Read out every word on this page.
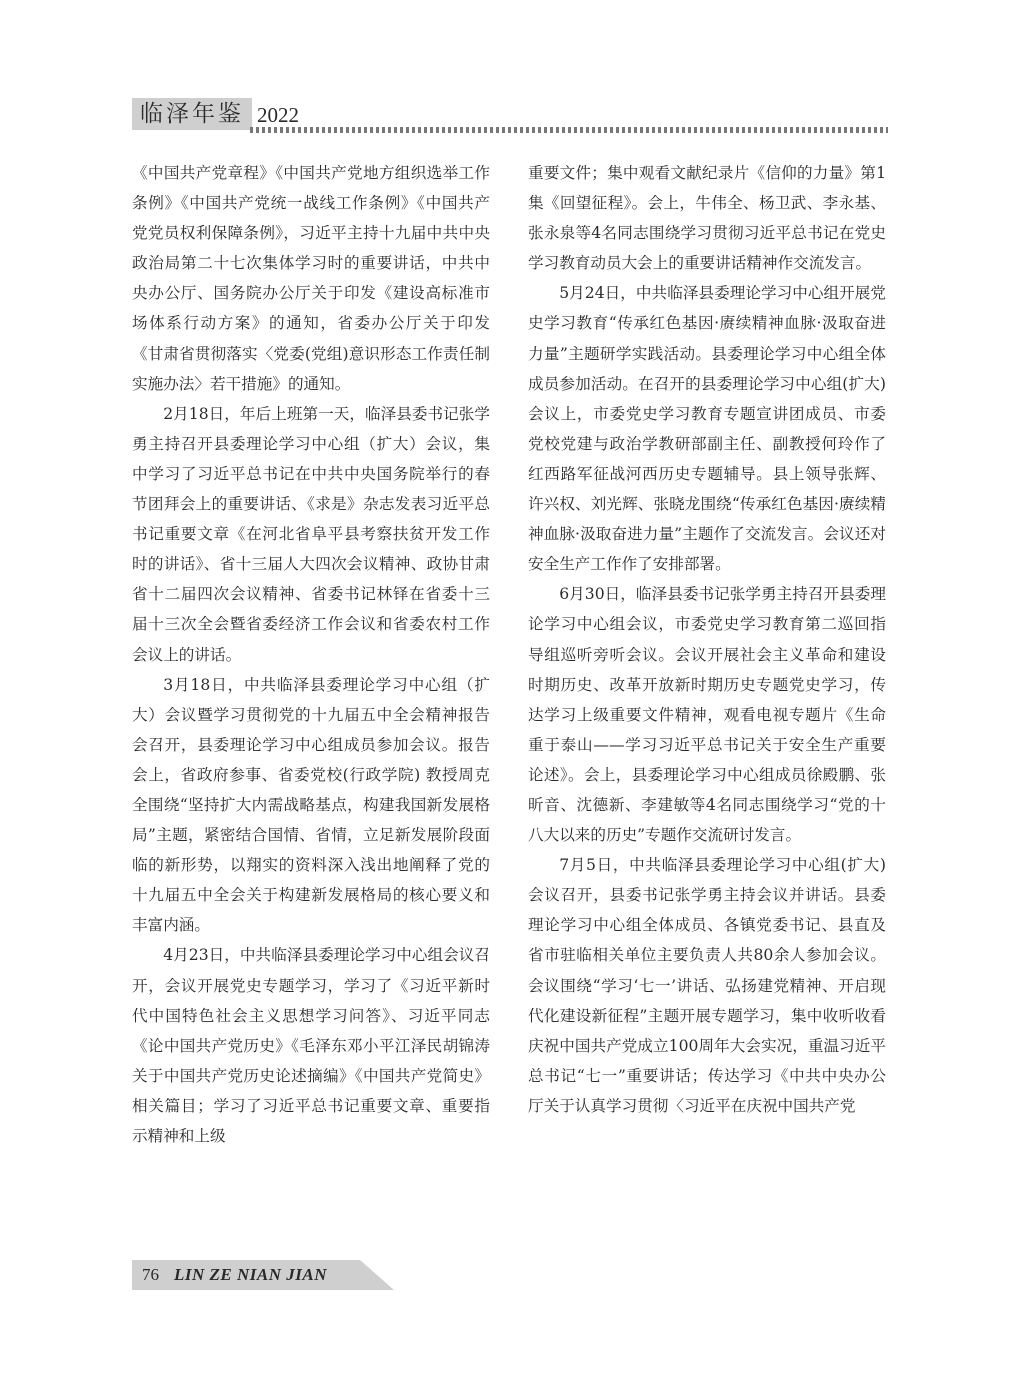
临泽年鉴 2022

《中国共产党章程》《中国共产党地方组织选举工作条例》《中国共产党统一战线工作条例》《中国共产党党员权利保障条例》，习近平主持十九届中共中央政治局第二十七次集体学习时的重要讲话，中共中央办公厅、国务院办公厅关于印发《建设高标准市场体系行动方案》的通知，省委办公厅关于印发《甘肃省贯彻落实〈党委(党组)意识形态工作责任制实施办法〉若干措施》的通知。

2月18日，年后上班第一天，临泽县委书记张学勇主持召开县委理论学习中心组（扩大）会议，集中学习了习近平总书记在中共中央国务院举行的春节团拜会上的重要讲话、《求是》杂志发表习近平总书记重要文章《在河北省阜平县考察扶贫开发工作时的讲话》、省十三届人大四次会议精神、政协甘肃省十二届四次会议精神、省委书记林铎在省委十三届十三次全会暨省委经济工作会议和省委农村工作会议上的讲话。

3月18日，中共临泽县委理论学习中心组（扩大）会议暨学习贯彻党的十九届五中全会精神报告会召开，县委理论学习中心组成员参加会议。报告会上，省政府参事、省委党校(行政学院) 教授周克全围绕“坚持扩大内需战略基点，构建我国新发展格局”主题，紧密结合国情、省情，立足新发展阶段面临的新形势，以翔实的资料深入浅出地阐释了党的十九届五中全会关于构建新发展格局的核心要义和丰富内涵。

4月23日，中共临泽县委理论学习中心组会议召开，会议开展党史专题学习，学习了《习近平新时代中国特色社会主义思想学习问答》、习近平同志《论中国共产党历史》《毛泽东邓小平江泽民胡锦涛关于中国共产党历史论述摘编》《中国共产党简史》相关篇目；学习了习近平总书记重要文章、重要指示精神和上级

重要文件；集中观看文献纪录片《信仰的力量》第1集《回望征程》。会上，牛伟全、杨卫武、李永基、张永泉等4名同志围绕学习贯彻习近平总书记在党史学习教育动员大会上的重要讲话精神作交流发言。

5月24日，中共临泽县委理论学习中心组开展党史学习教育“传承红色基因·赓续精神血脉·汲取奋进力量”主题研学实践活动。县委理论学习中心组全体成员参加活动。在召开的县委理论学习中心组(扩大)会议上，市委党史学习教育专题宣讲团成员、市委党校党建与政治学教研部副主任、副教授何玲作了红西路军征战河西历史专题辅导。县上领导张辉、许兴权、刘光辉、张晓龙围绕“传承红色基因·赓续精神血脉·汲取奋进力量”主题作了交流发言。会议还对安全生产工作作了安排部署。

6月30日，临泽县委书记张学勇主持召开县委理论学习中心组会议，市委党史学习教育第二巡回指导组巡听旁听会议。会议开展社会主义革命和建设时期历史、改革开放新时期历史专题党史学习，传达学习上级重要文件精神，观看电视专题片《生命重于泰山——学习习近平总书记关于安全生产重要论述》。会上，县委理论学习中心组成员徐殿鹏、张昕音、沈德新、李建敏等4名同志围绕学习“党的十八大以来的历史”专题作交流研讨发言。

7月5日，中共临泽县委理论学习中心组(扩大)会议召开，县委书记张学勇主持会议并讲话。县委理论学习中心组全体成员、各镇党委书记、县直及省市驻临相关单位主要负责人共80余人参加会议。会议围绕“学习‘七一’讲话、弘扬建党精神、开启现代化建设新征程”主题开展专题学习，集中收听收看庆祝中国共产党成立100周年大会实况，重温习近平总书记“七一”重要讲话；传达学习《中共中央办公厅关于认真学习贯彻〈习近平在庆祝中国共产党

76 LIN ZE NIAN JIAN
